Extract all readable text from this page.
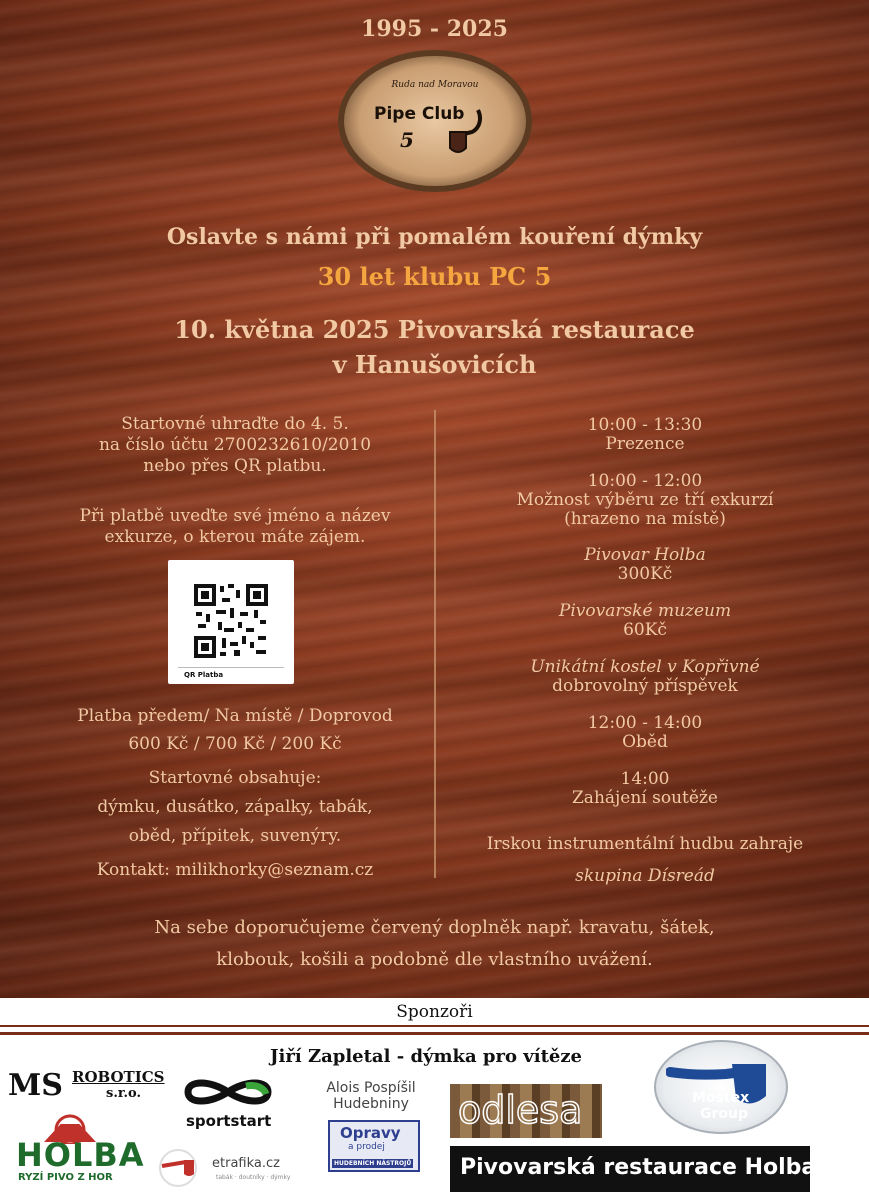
1995 - 2025
Ruda nad Moravou
Pipe Club
5
Oslavte s námi při pomalém kouření dýmky
30 let klubu PC 5
10. května 2025 Pivovarská restaurace
v Hanušovicích
Startovné uhraďte do 4. 5.
na číslo účtu 2700232610/2010
nebo přes QR platbu.
Při platbě uveďte své jméno a název
exkurze, o kterou máte zájem.
QR Platba
Platba předem/ Na místě / Doprovod
600 Kč / 700 Kč / 200 Kč
Startovné obsahuje:
dýmku, dusátko, zápalky, tabák,
oběd, přípitek, suvenýry.
Kontakt: milikhorky@seznam.cz
10:00 - 13:30
Prezence
10:00 - 12:00
Možnost výběru ze tří exkurzí
(hrazeno na místě)
Pivovar Holba
300Kč
Pivovarské muzeum
60Kč
Unikátní kostel v Kopřivné
dobrovolný příspěvek
12:00 - 14:00
Oběd
14:00
Zahájení soutěže
Irskou instrumentální hudbu zahraje
skupina Dísreád
Na sebe doporučujeme červený doplněk např. kravatu, šátek,
klobouk, košili a podobně dle vlastního uvážení.
Sponzoři
Jiří Zapletal - dýmka pro vítěze
MS ROBOTICS
s.r.o.
HOLBA
RYZÍ PIVO Z HOR
sportstart
etrafika.cz
tabák · doutníky · dýmky
Alois Pospíšil
Hudebniny
Opravy
a prodej
HUDEBNÍCH NÁSTROJŮ
odlesa	Mostex
Group
Pivovarská restaurace Holba
